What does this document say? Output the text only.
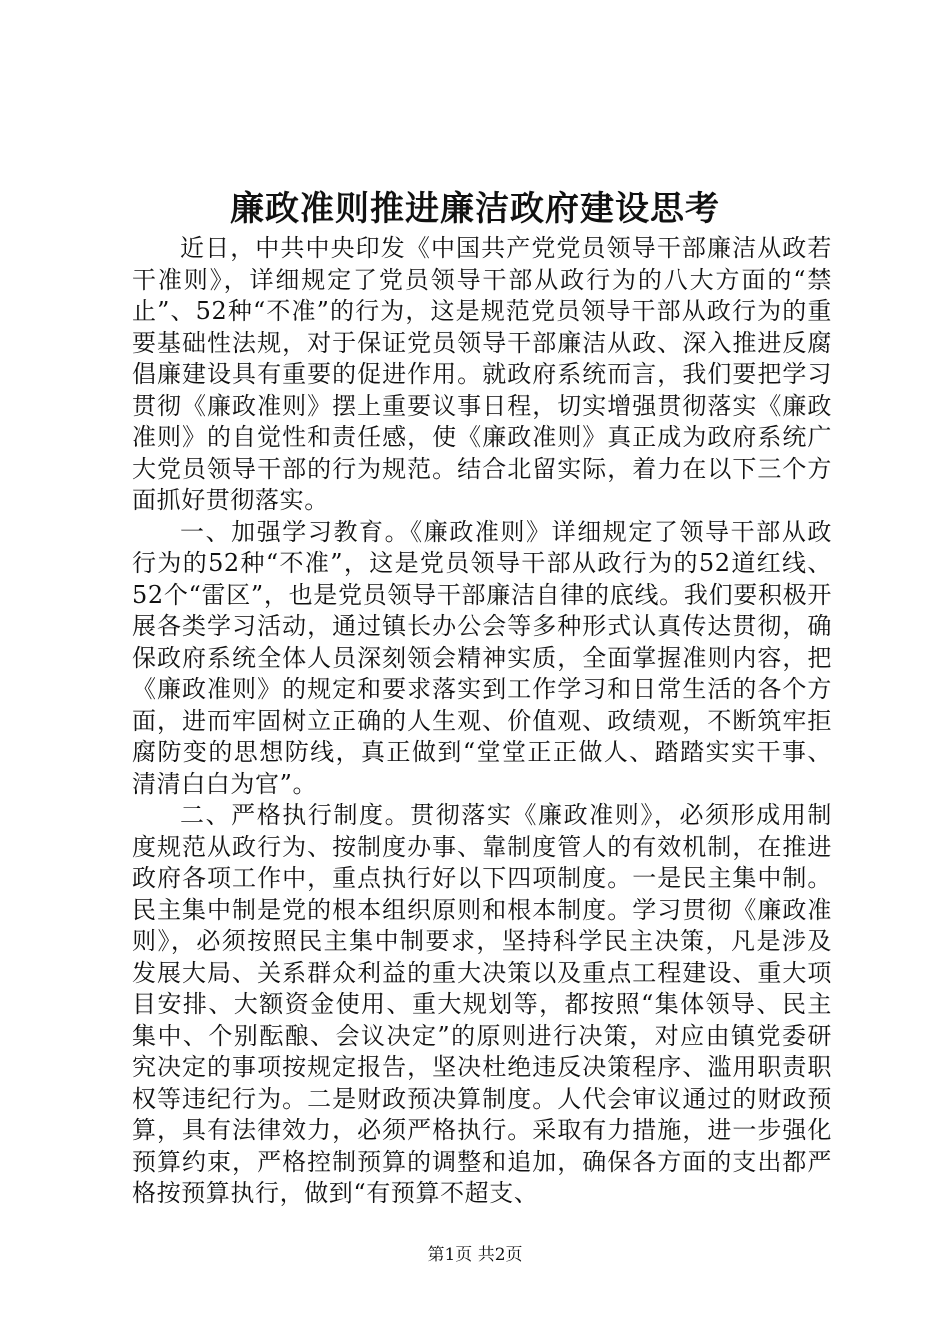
廉政准则推进廉洁政府建设思考

近日，中共中央印发《中国共产党党员领导干部廉洁从政若干准则》，详细规定了党员领导干部从政行为的八大方面的“禁止”、52种“不准”的行为，这是规范党员领导干部从政行为的重要基础性法规，对于保证党员领导干部廉洁从政、深入推进反腐倡廉建设具有重要的促进作用。就政府系统而言，我们要把学习贯彻《廉政准则》摆上重要议事日程，切实增强贯彻落实《廉政准则》的自觉性和责任感，使《廉政准则》真正成为政府系统广大党员领导干部的行为规范。结合北留实际，着力在以下三个方面抓好贯彻落实。

一、加强学习教育。《廉政准则》详细规定了领导干部从政行为的52种“不准”，这是党员领导干部从政行为的52道红线、52个“雷区”，也是党员领导干部廉洁自律的底线。我们要积极开展各类学习活动，通过镇长办公会等多种形式认真传达贯彻，确保政府系统全体人员深刻领会精神实质，全面掌握准则内容，把《廉政准则》的规定和要求落实到工作学习和日常生活的各个方面，进而牢固树立正确的人生观、价值观、政绩观，不断筑牢拒腐防变的思想防线，真正做到“堂堂正正做人、踏踏实实干事、清清白白为官”。

二、严格执行制度。贯彻落实《廉政准则》，必须形成用制度规范从政行为、按制度办事、靠制度管人的有效机制，在推进政府各项工作中，重点执行好以下四项制度。一是民主集中制。民主集中制是党的根本组织原则和根本制度。学习贯彻《廉政准则》，必须按照民主集中制要求，坚持科学民主决策，凡是涉及发展大局、关系群众利益的重大决策以及重点工程建设、重大项目安排、大额资金使用、重大规划等，都按照“集体领导、民主集中、个别酝酿、会议决定”的原则进行决策，对应由镇党委研究决定的事项按规定报告，坚决杜绝违反决策程序、滥用职责职权等违纪行为。二是财政预决算制度。人代会审议通过的财政预算，具有法律效力，必须严格执行。采取有力措施，进一步强化预算约束，严格控制预算的调整和追加，确保各方面的支出都严格按预算执行，做到“有预算不超支、

第1页 共2页
